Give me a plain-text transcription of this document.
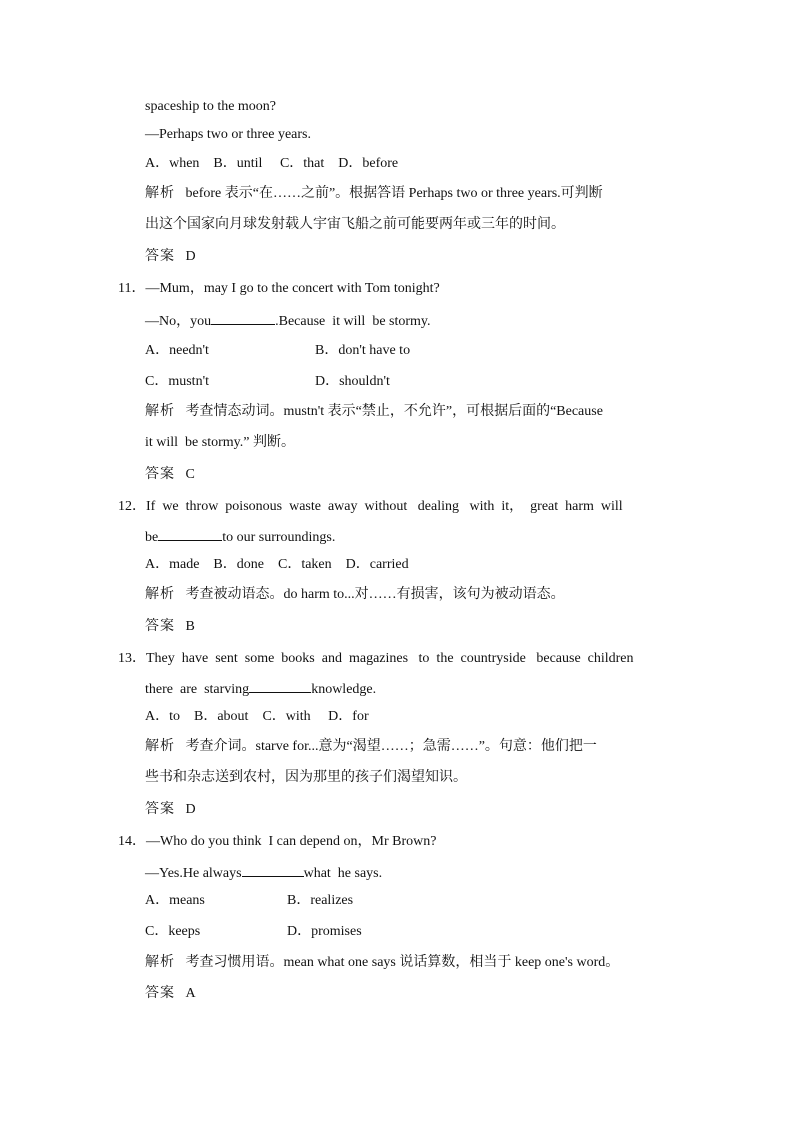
spaceship to the moon?
—Perhaps two or three years.
A．when    B．until     C．that    D．before
解析 before 表示“在……之前”。根据答语 Perhaps two or three years.可判断
出这个国家向月球发射载人宇宙飞船之前可能要两年或三年的时间。
答案 D
11．—Mum，may I go to the concert with Tom tonight?
—No，you	.Because  it will  be stormy.
A．needn't	B．don't have to
C．mustn't	D．shouldn't
解析 考查情态动词。mustn't 表示“禁止，不允许”，可根据后面的“Because
it will  be stormy.” 判断。
答案 C
12．If  we  throw  poisonous  waste  away  without   dealing   with  it，  great  harm  will
be	to our surroundings.
A．made    B．done    C．taken    D．carried
解析 考查被动语态。do harm to...对……有损害，该句为被动语态。
答案 B
13．They  have  sent  some  books  and  magazines   to  the  countryside   because  children
there  are  starving	knowledge.
A．to    B．about    C．with     D．for
解析 考查介词。starve for...意为“渴望……；急需……”。句意：他们把一
些书和杂志送到农村，因为那里的孩子们渴望知识。
答案 D
14．—Who do you think  I can depend on，Mr Brown?
—Yes.He always	what  he says.
A．means	B．realizes
C．keeps	D．promises
解析 考查习惯用语。mean what one says 说话算数，相当于 keep one's word。
答案 A
